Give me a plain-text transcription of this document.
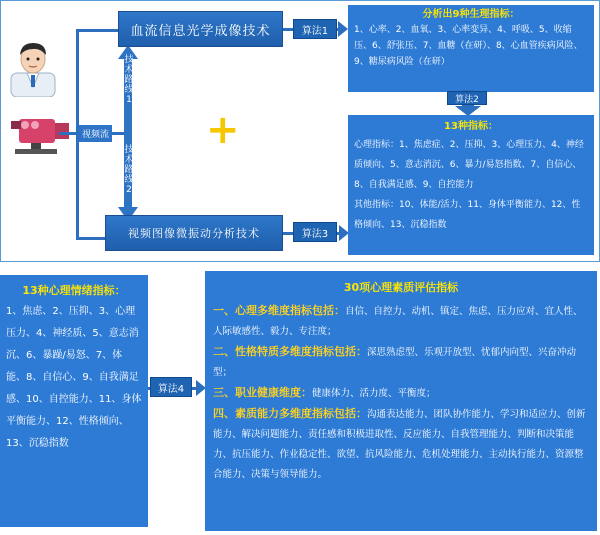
视频流
技术路线1
技术路线2
血流信息光学成像技术
+
视频图像微振动分析技术
算法1
算法3
分析出9种生理指标：
1、心率、2、血氧、3、心率变异、4、呼吸、5、收缩压、6、舒张压、7、血糖（在研）、8、心血管疾病风险、9、糖尿病风险（在研）
算法2
13种指标：
心理指标：1、焦虑症、2、压抑、3、心理压力、4、神经质倾向、5、意志消沉、6、暴力/易怒指数、7、自信心、8、自我满足感、9、自控能力
其他指标：10、体能/活力、11、身体平衡能力、12、性格倾向、13、沉稳指数
13种心理情绪指标：
1、焦虑、2、压抑、3、心理压力、4、神经质、5、意志消沉、6、暴躁/易怒、7、体能、8、自信心、9、自我满足感、10、自控能力、11、身体平衡能力、12、性格倾向、13、沉稳指数
算法4
30项心理素质评估指标
一、心理多维度指标包括：自信、自控力、动机、镇定、焦虑、压力应对、宜人性、人际敏感性、毅力、专注度；
二、性格特质多维度指标包括：深思熟虑型、乐观开放型、忧郁内向型、兴奋冲动型；
三、职业健康维度：健康体力、活力度、平衡度；
四、素质能力多维度指标包括：沟通表达能力、团队协作能力、学习和适应力、创新能力、解决问题能力、责任感和积极进取性、反应能力、自我管理能力、判断和决策能力、抗压能力、作业稳定性、欲望、抗风险能力、危机处理能力、主动执行能力、资源整合能力、决策与领导能力。
